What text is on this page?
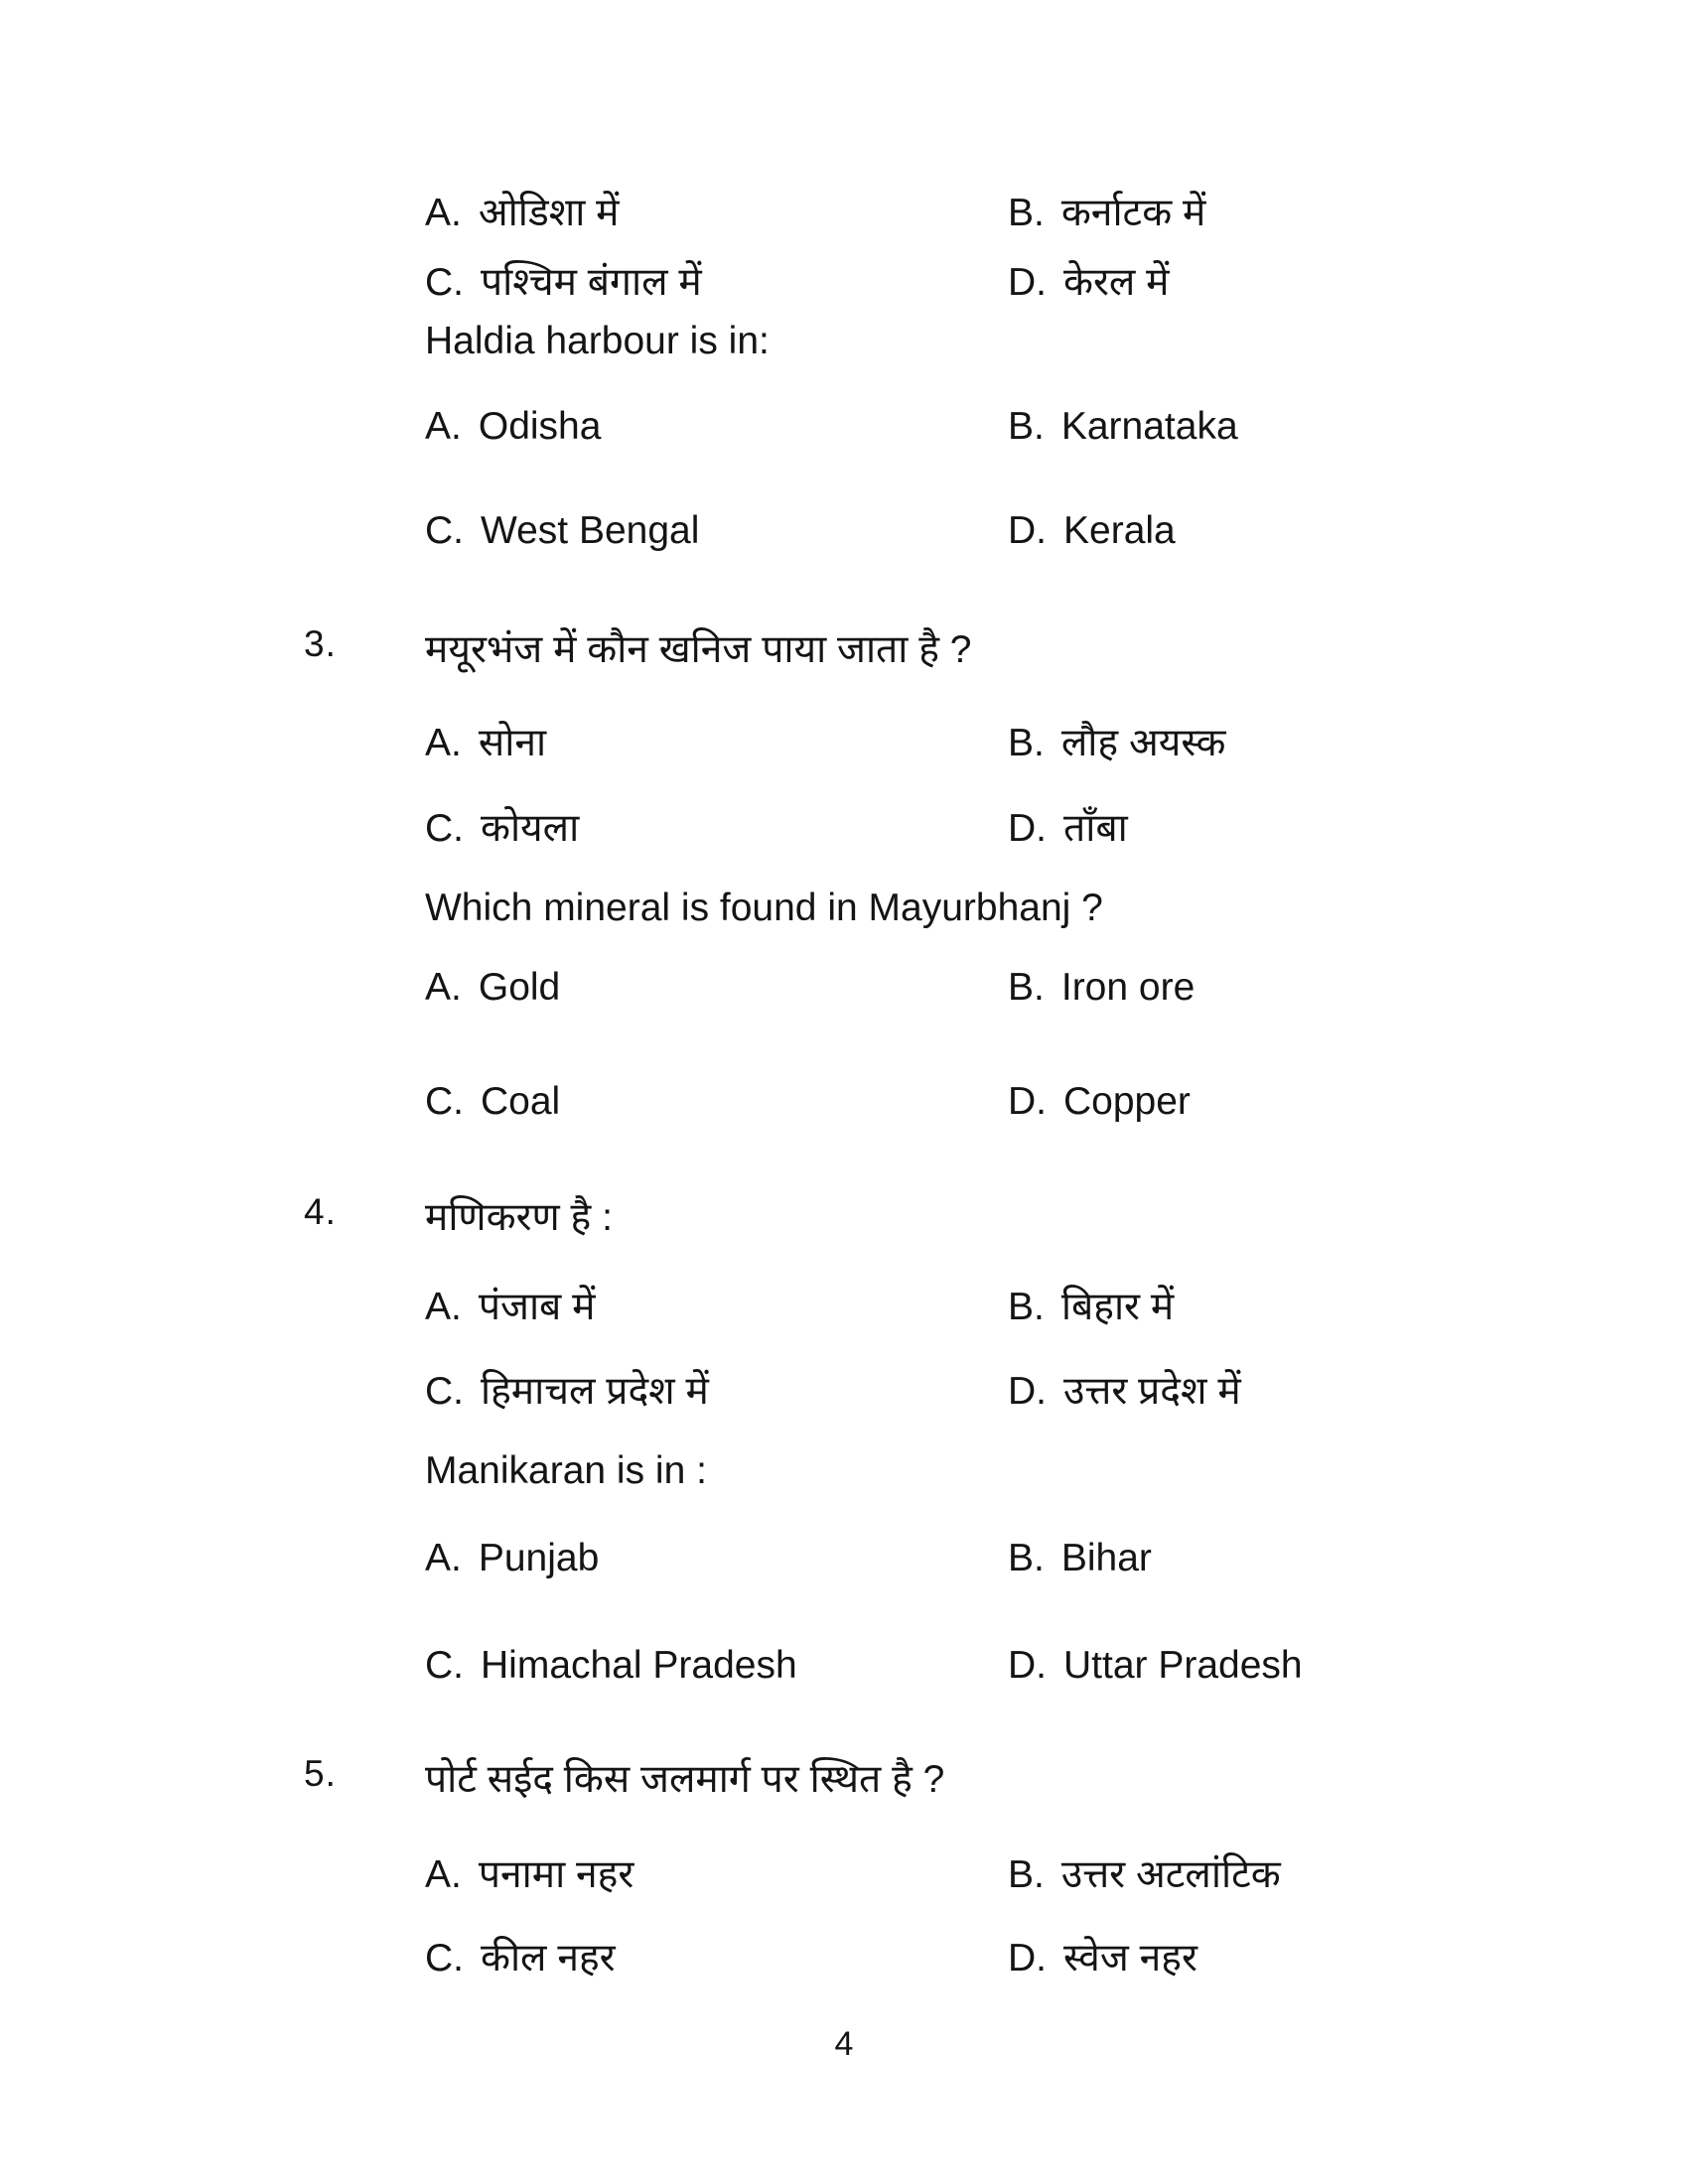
A. ओडिशा में	B. कर्नाटक में
C. पश्चिम बंगाल में	D. केरल में
Haldia harbour is in:
A. Odisha	B. Karnataka
C. West Bengal	D. Kerala
3. मयूरभंज में कौन खनिज पाया जाता है ?
A. सोना	B. लौह अयस्क
C. कोयला	D. ताँबा
Which mineral is found in Mayurbhanj ?
A. Gold	B. Iron ore
C. Coal	D. Copper
4. मणिकरण है :
A. पंजाब में	B. बिहार में
C. हिमाचल प्रदेश में	D. उत्तर प्रदेश में
Manikaran is in :
A. Punjab	B. Bihar
C. Himachal Pradesh	D. Uttar Pradesh
5. पोर्ट सईद किस जलमार्ग पर स्थित है ?
A. पनामा नहर	B. उत्तर अटलांटिक
C. कील नहर	D. स्वेज नहर
4
